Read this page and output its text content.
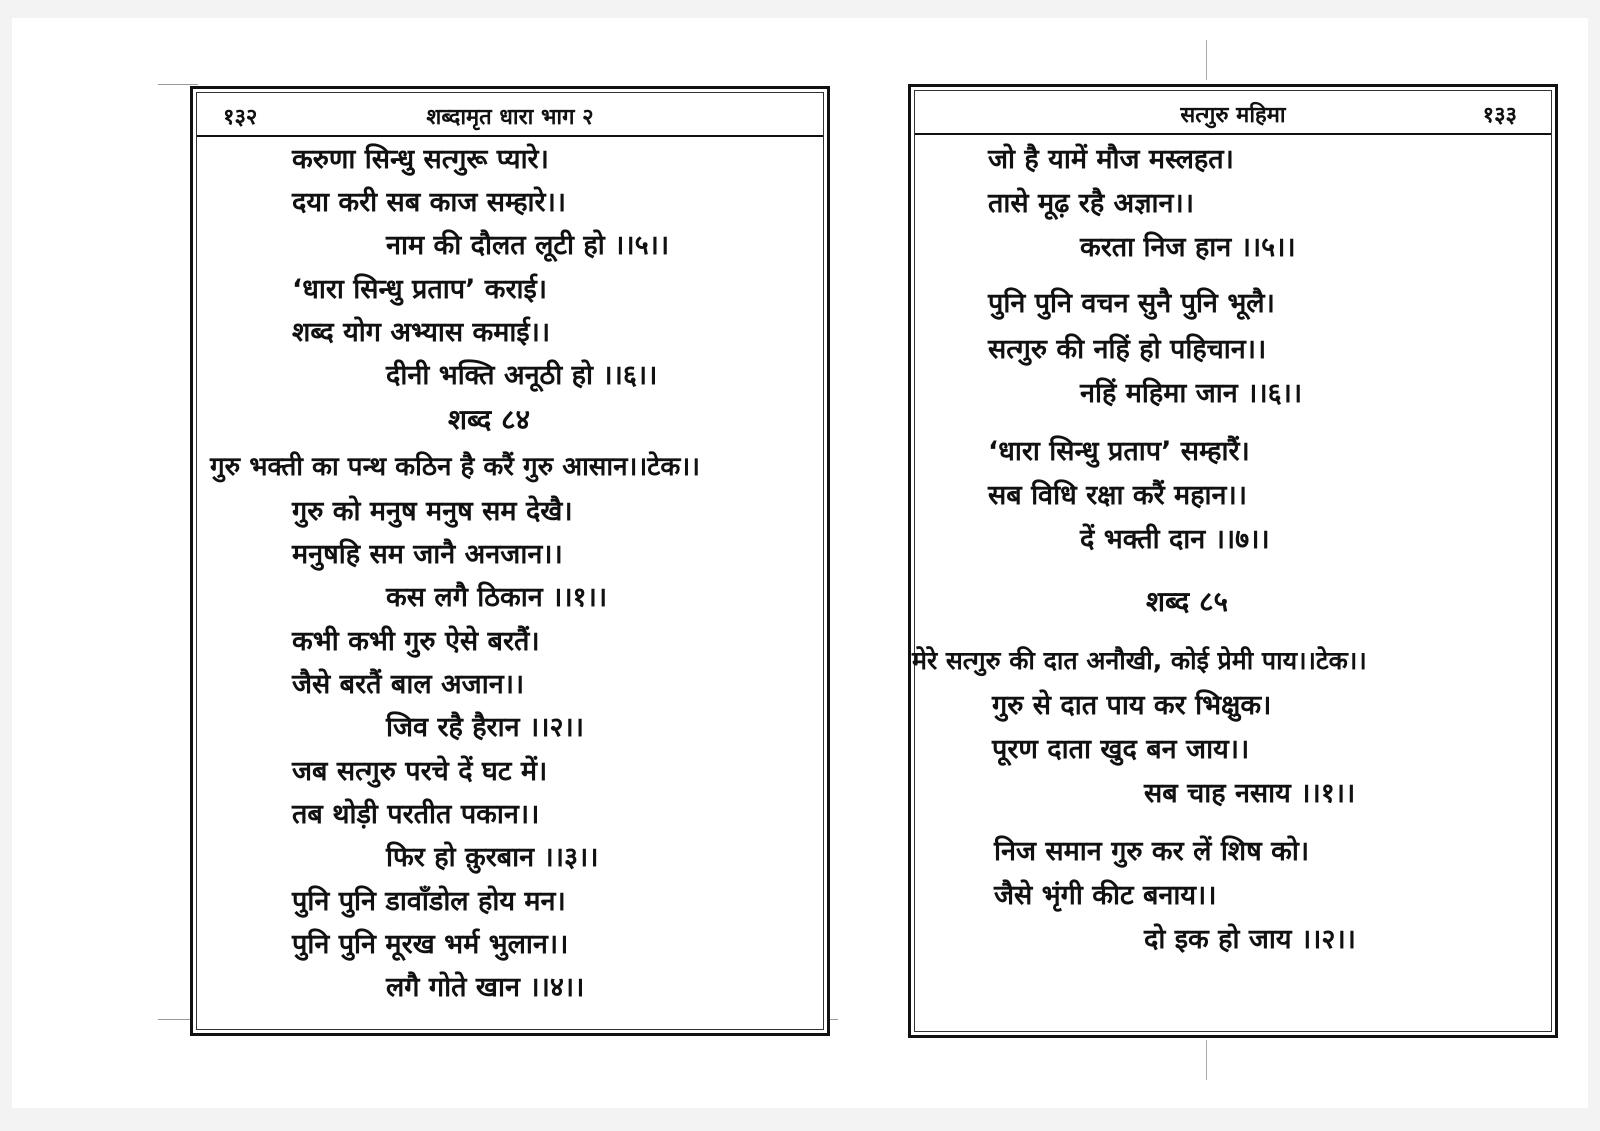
१३२	शब्दामृत धारा भाग २
करुणा सिन्धु सत्गुरू प्यारे।
दया करी सब काज सम्हारे।।
नाम की दौलत लूटी हो ।।५।।
‘धारा सिन्धु प्रताप’ कराई।
शब्द योग अभ्यास कमाई।।
दीनी भक्ति अनूठी हो ।।६।।
शब्द ८४
गुरु भक्ती का पन्थ कठिन है करैं गुरु आसान।।टेक।।
गुरु को मनुष मनुष सम देखै।
मनुषहि सम जानै अनजान।।
कस लगै ठिकान ।।१।।
कभी कभी गुरु ऐसे बरतैं।
जैसे बरतैं बाल अजान।।
जिव रहै हैरान ।।२।।
जब सत्गुरु परचे दें घट में।
तब थोड़ी परतीत पकान।।
फिर हो क़ुरबान ।।३।।
पुनि पुनि डावाँडोल होय मन।
पुनि पुनि मूरख भर्म भुलान।।
लगै गोते खान ।।४।।
सत्गुरु महिमा	१३३
जो है यामें मौज मस्लहत।
तासे मूढ़ रहै अज्ञान।।
करता निज हान ।।५।।
पुनि पुनि वचन सुनै पुनि भूलै।
सत्गुरु की नहिं हो पहिचान।।
नहिं महिमा जान ।।६।।
‘धारा सिन्धु प्रताप’ सम्हारैं।
सब विधि रक्षा करैं महान।।
दें भक्ती दान ।।७।।
शब्द ८५
मेरे सत्गुरु की दात अनौखी, कोई प्रेमी पाय।।टेक।।
गुरु से दात पाय कर भिक्षुक।
पूरण दाता खुद बन जाय।।
सब चाह नसाय ।।१।।
निज समान गुरु कर लें शिष को।
जैसे भृंगी कीट बनाय।।
दो इक हो जाय ।।२।।
